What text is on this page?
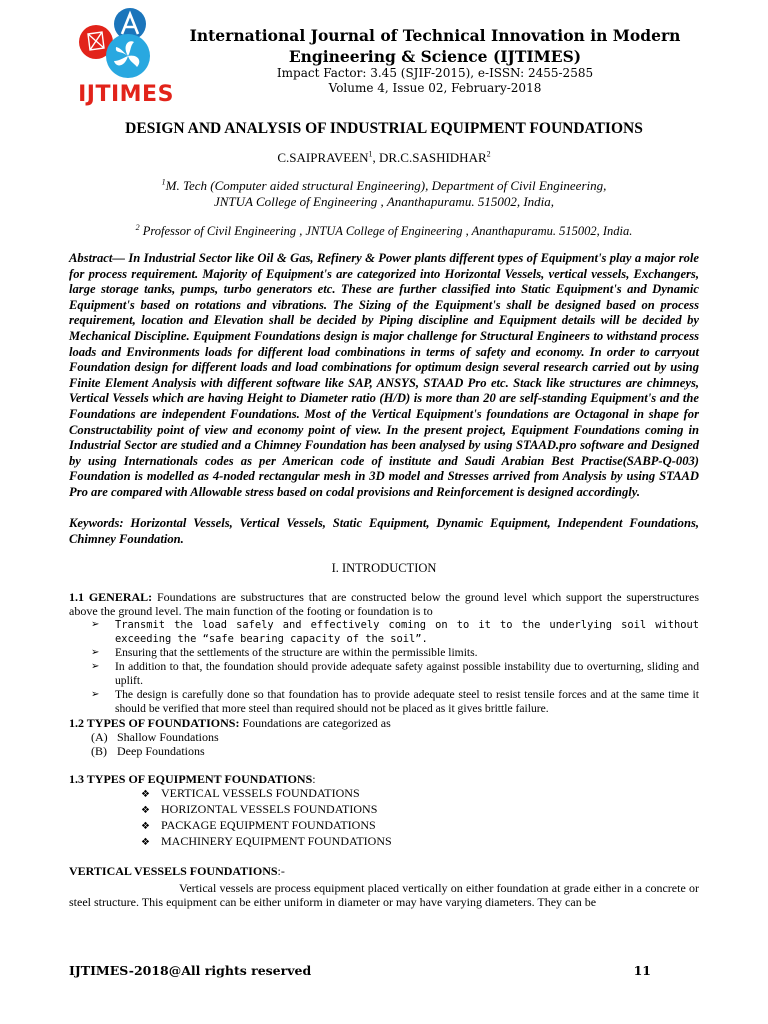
IJTIMES
International Journal of Technical Innovation in Modern
Engineering & Science (IJTIMES)
Impact Factor: 3.45 (SJIF-2015), e-ISSN: 2455-2585
Volume 4, Issue 02, February-2018
DESIGN AND ANALYSIS OF INDUSTRIAL EQUIPMENT FOUNDATIONS
C.SAIPRAVEEN$^1$, DR.C.SASHIDHAR$^2$
$^1$M. Tech (Computer aided structural Engineering), Department of Civil Engineering,
JNTUA College of Engineering , Ananthapuramu. 515002, India,
$^2$ Professor of Civil Engineering , JNTUA College of Engineering , Ananthapuramu. 515002, India.
Abstract— In Industrial Sector like Oil & Gas, Refinery & Power plants different types of Equipment's play a major role for process requirement. Majority of Equipment's are categorized into Horizontal Vessels, vertical vessels, Exchangers, large storage tanks, pumps, turbo generators etc. These are further classified into Static Equipment's and Dynamic Equipment's based on rotations and vibrations. The Sizing of the Equipment's shall be designed based on process requirement, location and Elevation shall be decided by Piping discipline and Equipment details will be decided by Mechanical Discipline. Equipment Foundations design is major challenge for Structural Engineers to withstand process loads and Environments loads for different load combinations in terms of safety and economy. In order to carryout Foundation design for different loads and load combinations for optimum design several research carried out by using Finite Element Analysis with different software like SAP, ANSYS, STAAD Pro etc. Stack like structures are chimneys, Vertical Vessels which are having Height to Diameter ratio (H/D) is more than 20 are self-standing Equipment's and the Foundations are independent Foundations. Most of the Vertical Equipment's foundations are Octagonal in shape for Constructability point of view and economy point of view. In the present project, Equipment Foundations coming in Industrial Sector are studied and a Chimney Foundation has been analysed by using STAAD.pro software and Designed by using Internationals codes as per American code of institute and Saudi Arabian Best Practise(SABP-Q-003) Foundation is modelled as 4-noded rectangular mesh in 3D model and Stresses arrived from Analysis by using STAAD Pro are compared with Allowable stress based on codal provisions and Reinforcement is designed accordingly.
Keywords: Horizontal Vessels, Vertical Vessels, Static Equipment, Dynamic Equipment, Independent Foundations, Chimney Foundation.
I. INTRODUCTION
1.1 GENERAL: Foundations are substructures that are constructed below the ground level which support the superstructures above the ground level. The main function of the footing or foundation is to
➢ Transmit the load safely and effectively coming on to it to the underlying soil without exceeding the “safe bearing capacity of the soil”.
➢ Ensuring that the settlements of the structure are within the permissible limits.
➢ In addition to that, the foundation should provide adequate safety against possible instability due to overturning, sliding and uplift.
➢ The design is carefully done so that foundation has to provide adequate steel to resist tensile forces and at the same time it should be verified that more steel than required should not be placed as it gives brittle failure.
1.2 TYPES OF FOUNDATIONS: Foundations are categorized as
(A) Shallow Foundations
(B) Deep Foundations
1.3 TYPES OF EQUIPMENT FOUNDATIONS:
❖ VERTICAL VESSELS FOUNDATIONS
❖ HORIZONTAL VESSELS FOUNDATIONS
❖ PACKAGE EQUIPMENT FOUNDATIONS
❖ MACHINERY EQUIPMENT FOUNDATIONS
VERTICAL VESSELS FOUNDATIONS:-
Vertical vessels are process equipment placed vertically on either foundation at grade either in a concrete or steel structure. This equipment can be either uniform in diameter or may have varying diameters. They can be
IJTIMES-2018@All rights reserved	11
